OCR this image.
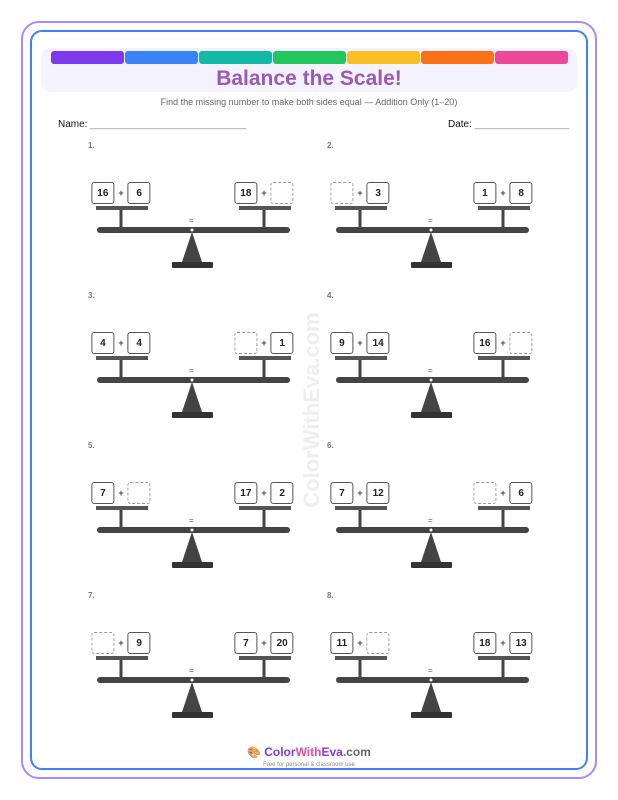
Balance the Scale!
Find the missing number to make both sides equal — Addition Only (1–20)
Name: ____________________________	Date: _________________
ColorWithEva.com
1.
=
16	+	6	18	+
2.
=
+	3	1	+	8
3.
=
4	+	4	+	1
4.
=
9	+ 14	16	+
5.
=
7	+	17	+	2
6.
=
7	+ 12	+	6
7.
=
+	9	7	+ 20
8.
=
11	+	18	+ 13
🎨 ColorWithEva.com
Free for personal & classroom use
